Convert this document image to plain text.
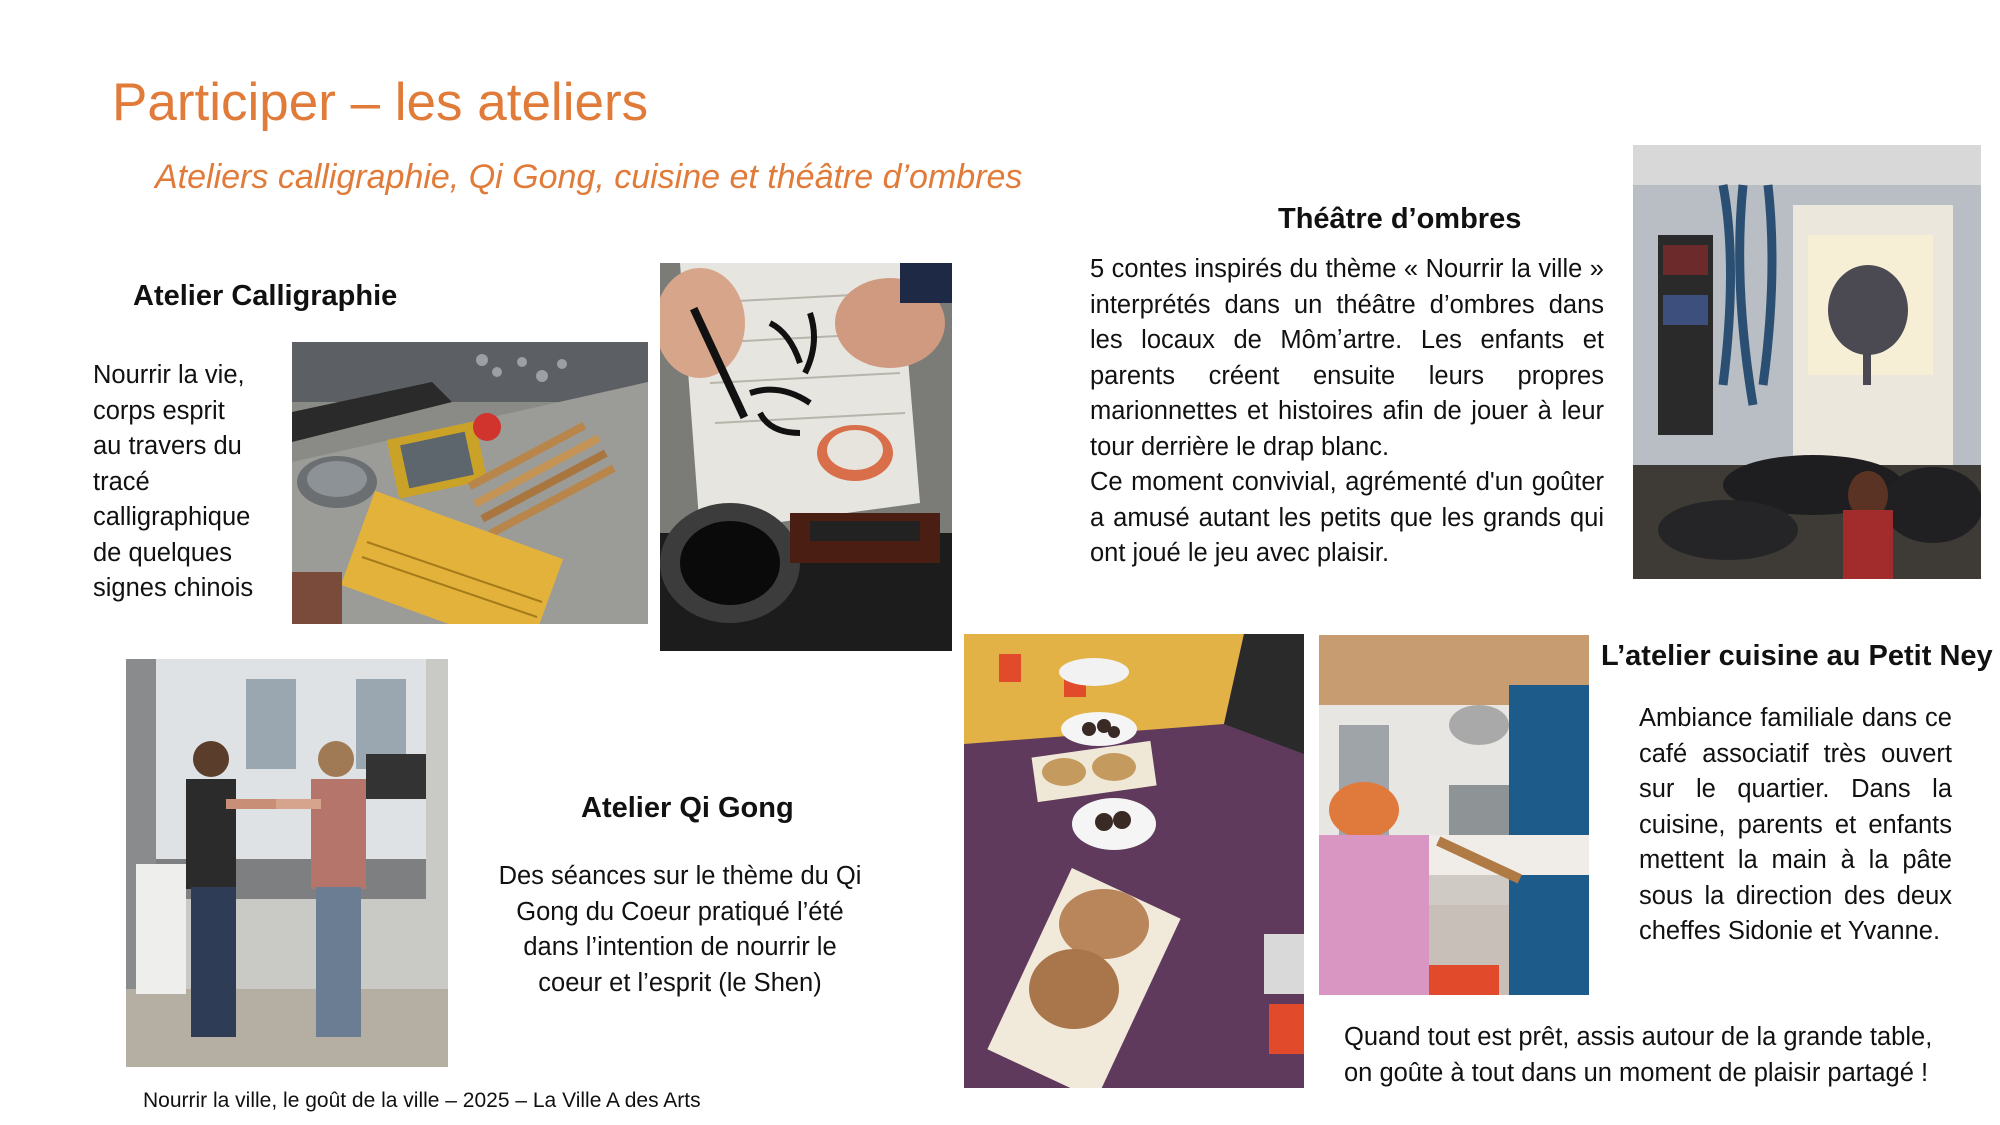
Participer – les ateliers
Ateliers calligraphie, Qi Gong, cuisine et théâtre d’ombres
Atelier Calligraphie
Nourrir la vie,
corps esprit
au travers du
tracé
calligraphique
de quelques
signes chinois
Théâtre d’ombres
5 contes inspirés du thème « Nourrir la ville » interprétés dans un théâtre d’ombres dans les locaux de Mômʼartre. Les enfants et parents créent ensuite leurs propres marionnettes et histoires afin de jouer à leur tour derrière le drap blanc.
Ce moment convivial, agrémenté d'un goûter a amusé autant les petits que les grands qui ont joué le jeu avec plaisir.
Atelier Qi Gong
Des séances sur le thème du Qi
Gong du Coeur pratiqué l’été
dans l’intention de nourrir le
coeur et l’esprit (le Shen)
L’atelier cuisine au Petit Ney
Ambiance familiale dans ce café associatif très ouvert sur le quartier. Dans la cuisine, parents et enfants mettent la main à la pâte sous la direction des deux cheffes Sidonie et Yvanne.
Quand tout est prêt, assis autour de la grande table,
on goûte à tout dans un moment de plaisir partagé !
Nourrir la ville, le goût de la ville – 2025 – La Ville A des Arts
